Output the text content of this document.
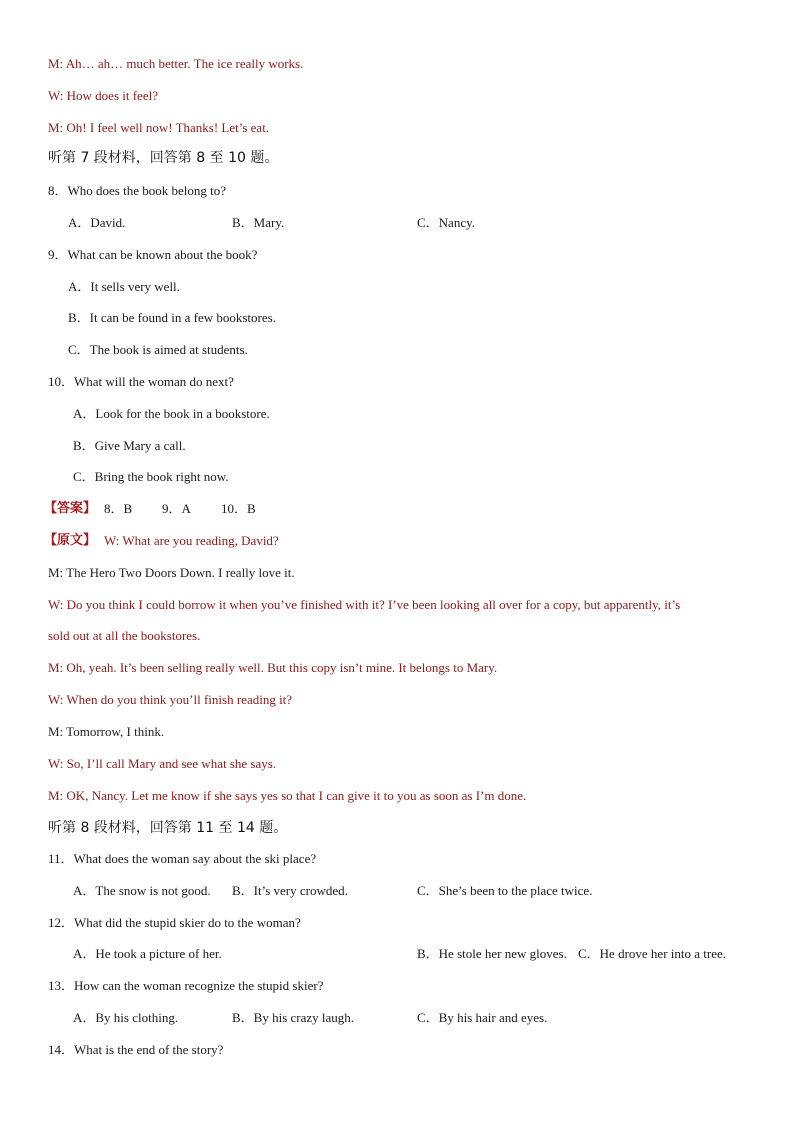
M: Ah… ah… much better. The ice really works.
W: How does it feel?
M: Oh! I feel well now! Thanks! Let’s eat.
听第 7 段材料，回答第 8 至 10 题。
8．Who does the book belong to?
A．David.	B．Mary.	C．Nancy.
9．What can be known about the book?
A．It sells very well.
B．It can be found in a few bookstores.
C．The book is aimed at students.
10．What will the woman do next?
A．Look for the book in a bookstore.
B．Give Mary a call.
C．Bring the book right now.
【答案】 8．B 9．A 10．B
【原文】 W: What are you reading, David?
M: The Hero Two Doors Down. I really love it.
W: Do you think I could borrow it when you’ve finished with it? I’ve been looking all over for a copy, but apparently, it’s
sold out at all the bookstores.
M: Oh, yeah. It’s been selling really well. But this copy isn’t mine. It belongs to Mary.
W: When do you think you’ll finish reading it?
M: Tomorrow, I think.
W: So, I’ll call Mary and see what she says.
M: OK, Nancy. Let me know if she says yes so that I can give it to you as soon as I’m done.
听第 8 段材料，回答第 11 至 14 题。
11．What does the woman say about the ski place?
A．The snow is not good. B．It’s very crowded.	C．She’s been to the place twice.
12．What did the stupid skier do to the woman?
A．He took a picture of her.	B．He stole her new gloves. C．He drove her into a tree.
13．How can the woman recognize the stupid skier?
A．By his clothing.	B．By his crazy laugh.	C．By his hair and eyes.
14．What is the end of the story?
